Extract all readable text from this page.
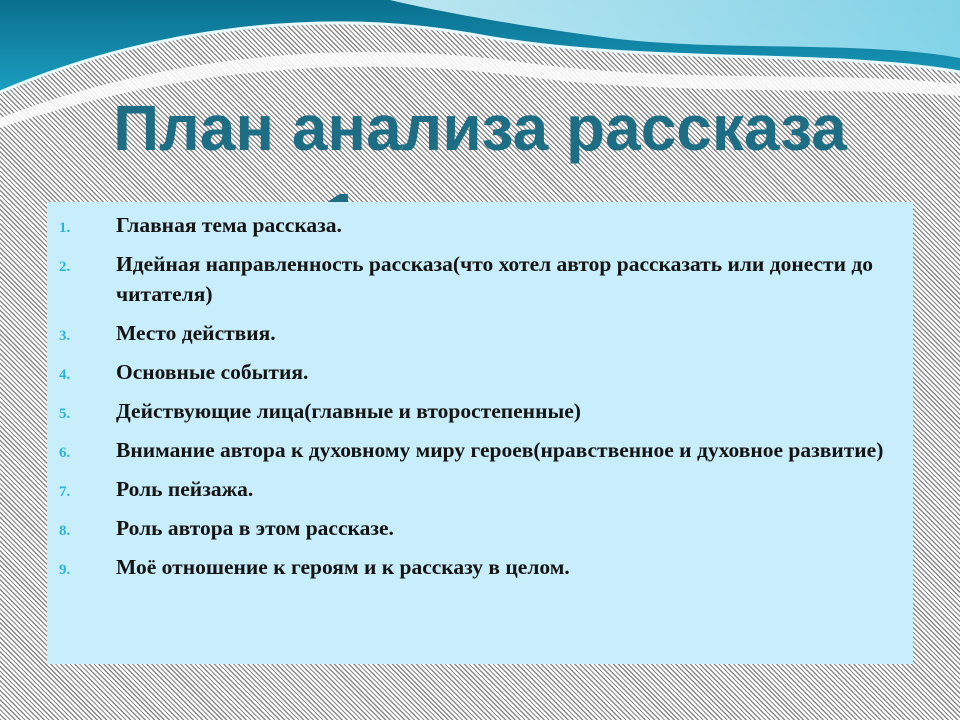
План анализа рассказа

1.	Главная тема рассказа.
2.	Идейная направленность рассказа(что хотел автор рассказать или донести до читателя)
3.	Место действия.
4.	Основные события.
5.	Действующие лица(главные и второстепенные)
6.	Внимание автора к духовному миру героев(нравственное и духовное развитие)
7.	Роль пейзажа.
8.	Роль автора в этом рассказе.
9.	Моё отношение к героям и к рассказу в целом.
